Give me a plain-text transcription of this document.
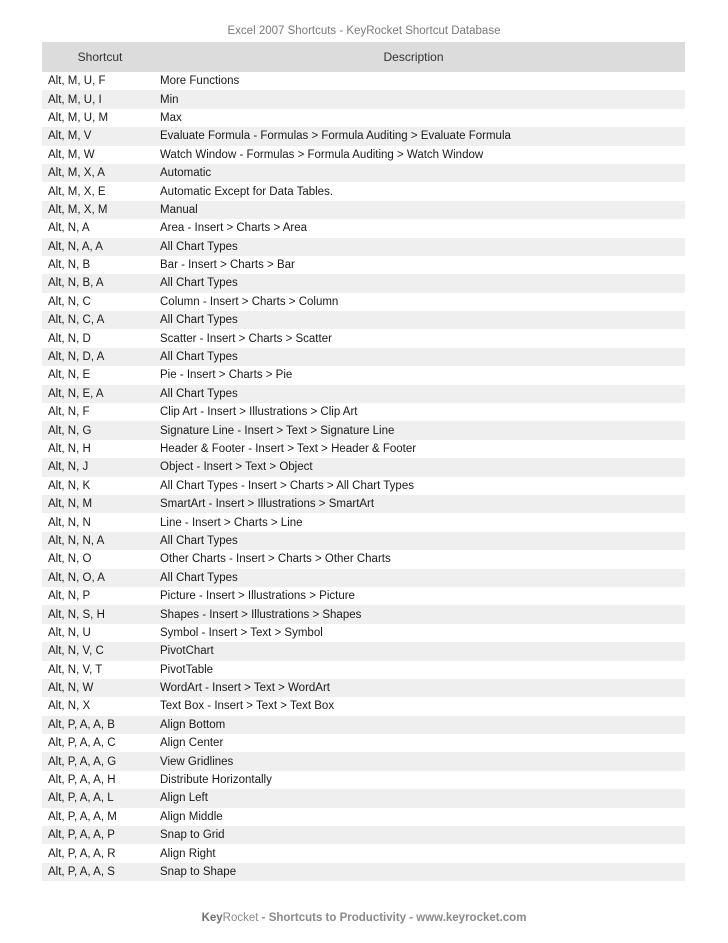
Excel 2007 Shortcuts - KeyRocket Shortcut Database
Shortcut	Description
Alt, M, U, F	More Functions
Alt, M, U, I	Min
Alt, M, U, M	Max
Alt, M, V	Evaluate Formula - Formulas > Formula Auditing > Evaluate Formula
Alt, M, W	Watch Window - Formulas > Formula Auditing > Watch Window
Alt, M, X, A	Automatic
Alt, M, X, E	Automatic Except for Data Tables.
Alt, M, X, M	Manual
Alt, N, A	Area - Insert > Charts > Area
Alt, N, A, A	All Chart Types
Alt, N, B	Bar - Insert > Charts > Bar
Alt, N, B, A	All Chart Types
Alt, N, C	Column - Insert > Charts > Column
Alt, N, C, A	All Chart Types
Alt, N, D	Scatter - Insert > Charts > Scatter
Alt, N, D, A	All Chart Types
Alt, N, E	Pie - Insert > Charts > Pie
Alt, N, E, A	All Chart Types
Alt, N, F	Clip Art - Insert > Illustrations > Clip Art
Alt, N, G	Signature Line - Insert > Text > Signature Line
Alt, N, H	Header & Footer - Insert > Text > Header & Footer
Alt, N, J	Object - Insert > Text > Object
Alt, N, K	All Chart Types - Insert > Charts > All Chart Types
Alt, N, M	SmartArt - Insert > Illustrations > SmartArt
Alt, N, N	Line - Insert > Charts > Line
Alt, N, N, A	All Chart Types
Alt, N, O	Other Charts - Insert > Charts > Other Charts
Alt, N, O, A	All Chart Types
Alt, N, P	Picture - Insert > Illustrations > Picture
Alt, N, S, H	Shapes - Insert > Illustrations > Shapes
Alt, N, U	Symbol - Insert > Text > Symbol
Alt, N, V, C	PivotChart
Alt, N, V, T	PivotTable
Alt, N, W	WordArt - Insert > Text > WordArt
Alt, N, X	Text Box - Insert > Text > Text Box
Alt, P, A, A, B	Align Bottom
Alt, P, A, A, C	Align Center
Alt, P, A, A, G	View Gridlines
Alt, P, A, A, H	Distribute Horizontally
Alt, P, A, A, L	Align Left
Alt, P, A, A, M	Align Middle
Alt, P, A, A, P	Snap to Grid
Alt, P, A, A, R	Align Right
Alt, P, A, A, S	Snap to Shape
KeyRocket - Shortcuts to Productivity - www.keyrocket.com
